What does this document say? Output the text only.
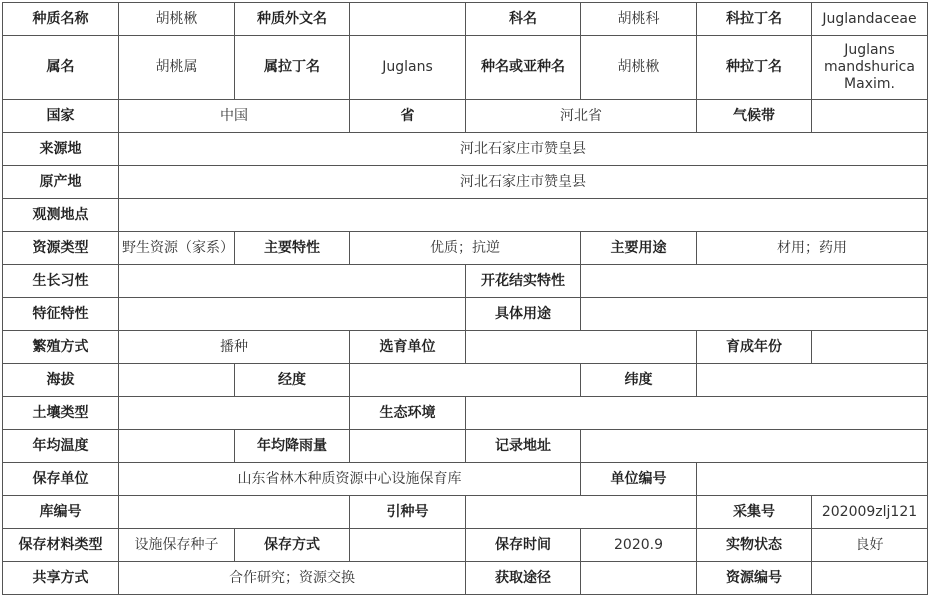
种质名称	胡桃楸	种质外文名		科名	胡桃科	科拉丁名	Juglandaceae
属名	胡桃属	属拉丁名	Juglans	种名或亚种名	胡桃楸	种拉丁名	Juglans mandshurica Maxim.
国家	中国		省	河北省		气候带	
来源地	河北石家庄市赞皇县						
原产地	河北石家庄市赞皇县						
观测地点							
资源类型	野生资源（家系）	主要特性	优质；抗逆		主要用途	材用；药用	
生长习性				开花结实特性			
特征特性				具体用途			
繁殖方式	播种		选育单位			育成年份	
海拔		经度			纬度		
土壤类型			生态环境				
年均温度		年均降雨量		记录地址			
保存单位	山东省林木种质资源中心设施保育库				单位编号		
库编号			引种号			采集号	202009zlj121
保存材料类型	设施保存种子	保存方式		保存时间	2020.9	实物状态	良好
共享方式	合作研究；资源交换			获取途径		资源编号	
